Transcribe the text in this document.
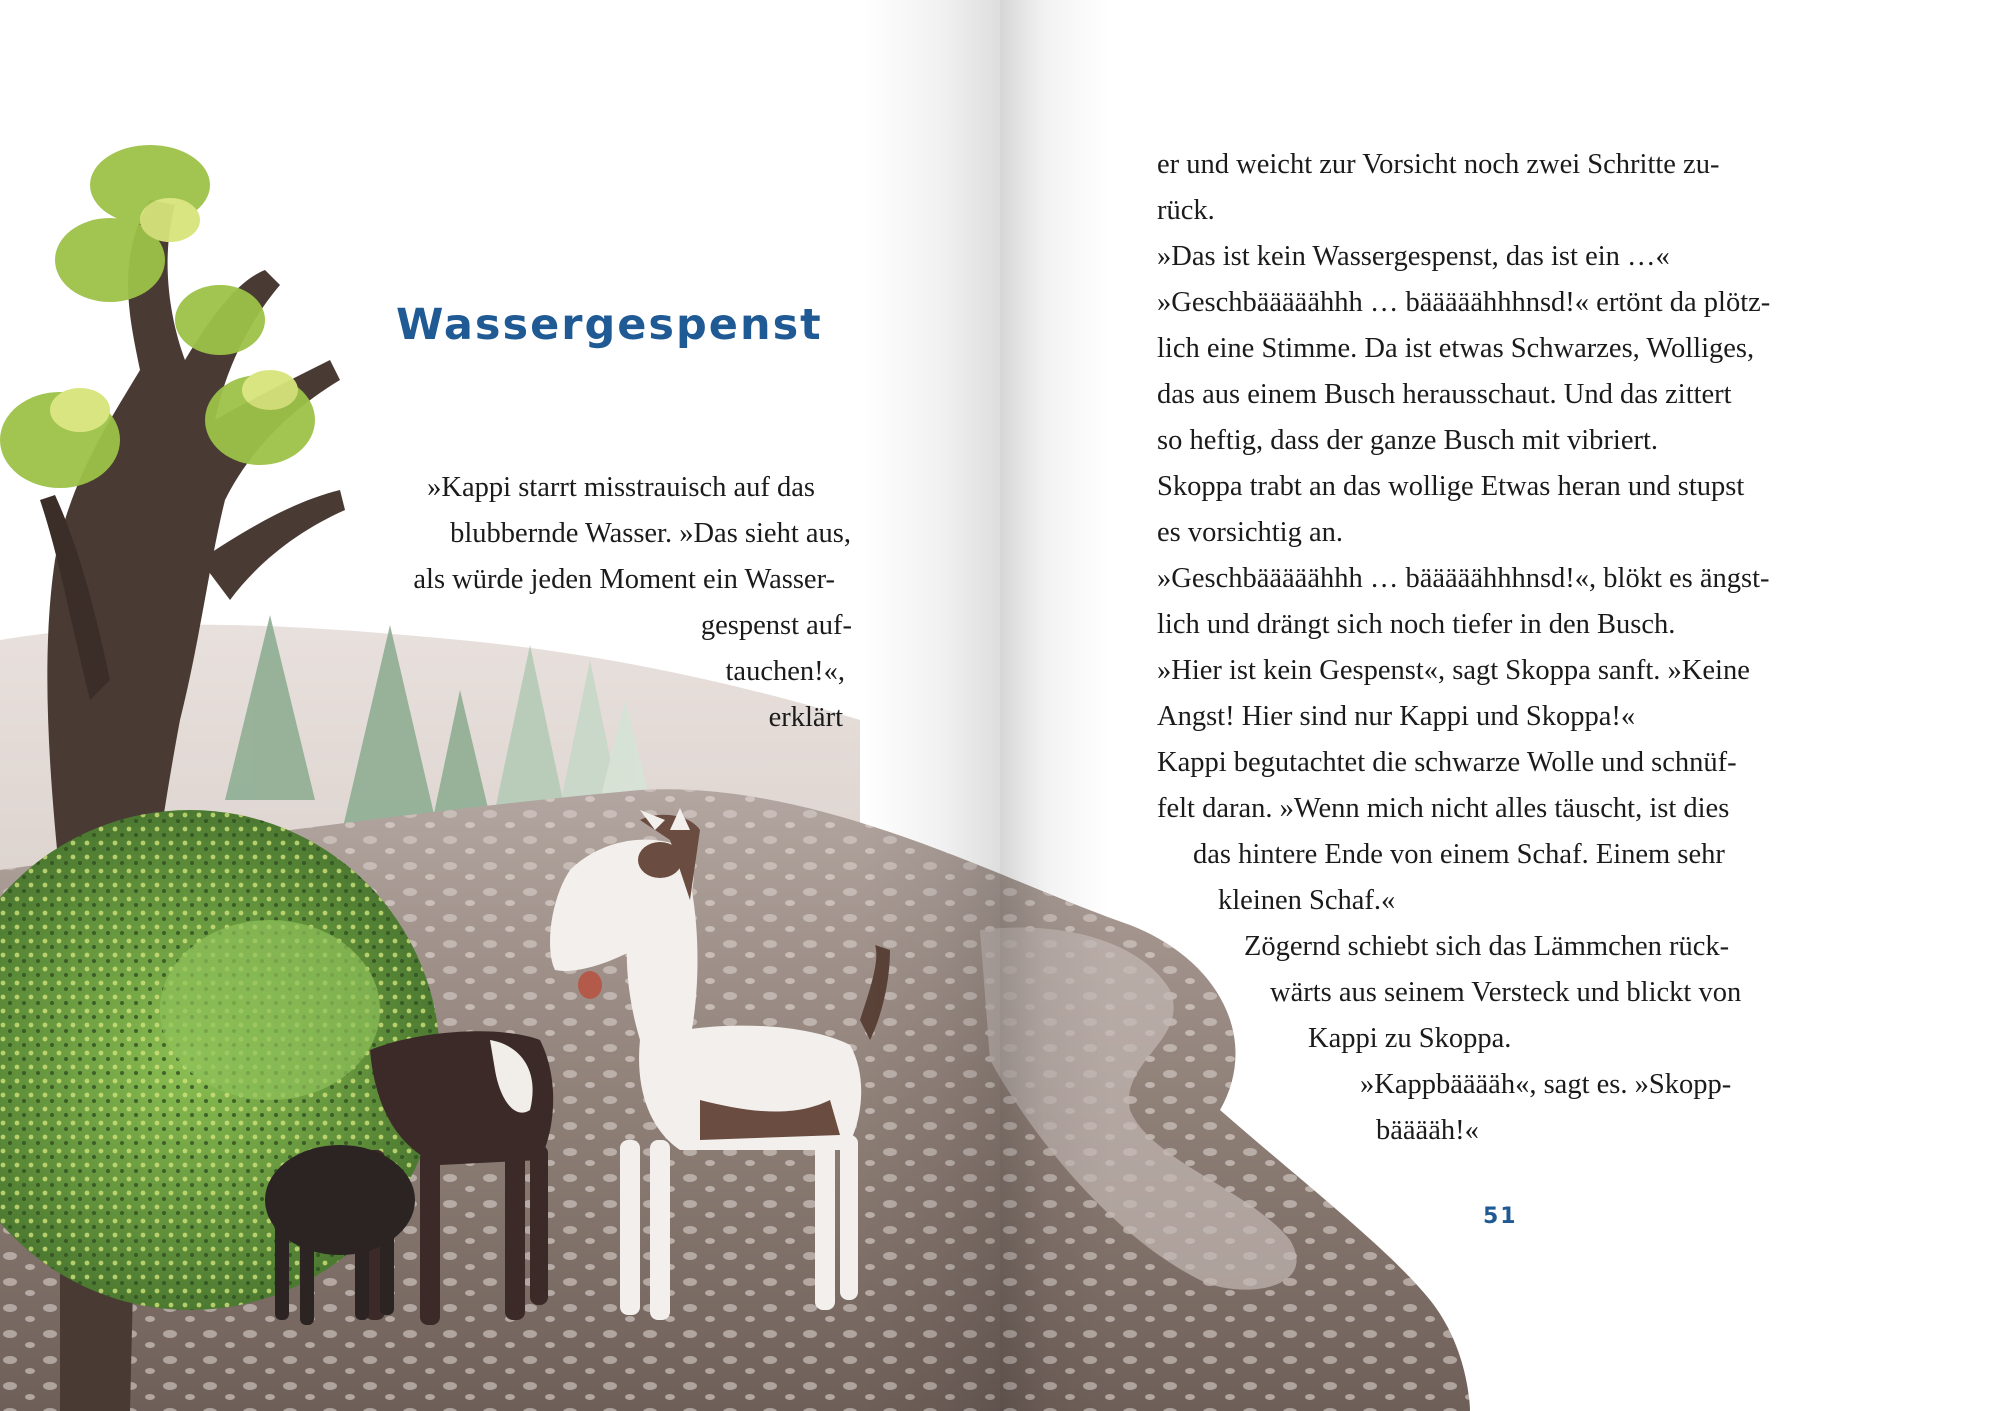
Wassergespenst
»Kappi starrt misstrauisch auf das
blubbernde Wasser. »Das sieht aus,
als würde jeden Moment ein Wasser-
gespenst auf-
tauchen!«,
erklärt
er und weicht zur Vorsicht noch zwei Schritte zu-
rück.
»Das ist kein Wassergespenst, das ist ein …«
»Geschbääääähhh … bääääähhhnsd!« ertönt da plötz-
lich eine Stimme. Da ist etwas Schwarzes, Wolliges,
das aus einem Busch herausschaut. Und das zittert
so heftig, dass der ganze Busch mit vibriert.
Skoppa trabt an das wollige Etwas heran und stupst
es vorsichtig an.
»Geschbääääähhh … bääääähhhnsd!«, blökt es ängst-
lich und drängt sich noch tiefer in den Busch.
»Hier ist kein Gespenst«, sagt Skoppa sanft. »Keine
Angst! Hier sind nur Kappi und Skoppa!«
Kappi begutachtet die schwarze Wolle und schnüf-
felt daran. »Wenn mich nicht alles täuscht, ist dies
das hintere Ende von einem Schaf. Einem sehr
kleinen Schaf.«
Zögernd schiebt sich das Lämmchen rück-
wärts aus seinem Versteck und blickt von
Kappi zu Skoppa.
»Kappbääääh«, sagt es. »Skopp-
bääääh!«
51
